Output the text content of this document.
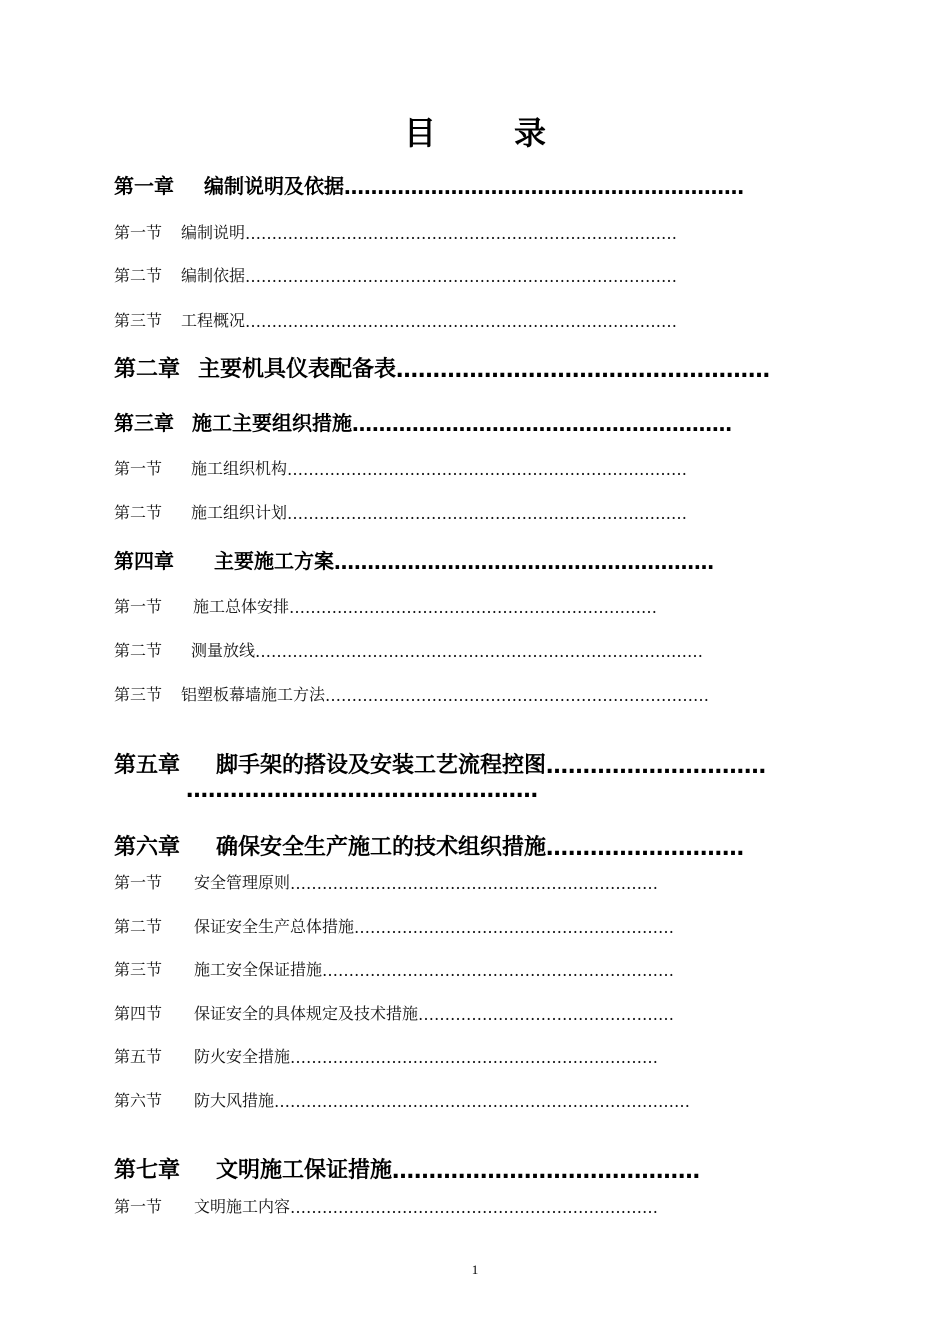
目 录
第一章 编制说明及依据……………………………………………………
第一节 编制说明………………………………………………………………………
第二节 编制依据………………………………………………………………………
第三节 工程概况………………………………………………………………………
第二章 主要机具仪表配备表……………………………………………
第三章 施工主要组织措施…………………………………………………
第一节 施工组织机构…………………………………………………………………
第二节 施工组织计划…………………………………………………………………
第四章 主要施工方案…………………………………………………
第一节 施工总体安排……………………………………………………………
第二节 测量放线…………………………………………………………………………
第三节 铝塑板幕墙施工方法………………………………………………………………
第五章 脚手架的搭设及安装工艺流程控图…………………………
…………………………………………
第六章 确保安全生产施工的技术组织措施………………………
第一节 安全管理原则……………………………………………………………
第二节 保证安全生产总体措施……………………………………………………
第三节 施工安全保证措施…………………………………………………………
第四节 保证安全的具体规定及技术措施…………………………………………
第五节 防火安全措施……………………………………………………………
第六节 防大风措施……………………………………………………………………
第七章 文明施工保证措施……………………………………
第一节 文明施工内容……………………………………………………………
1
